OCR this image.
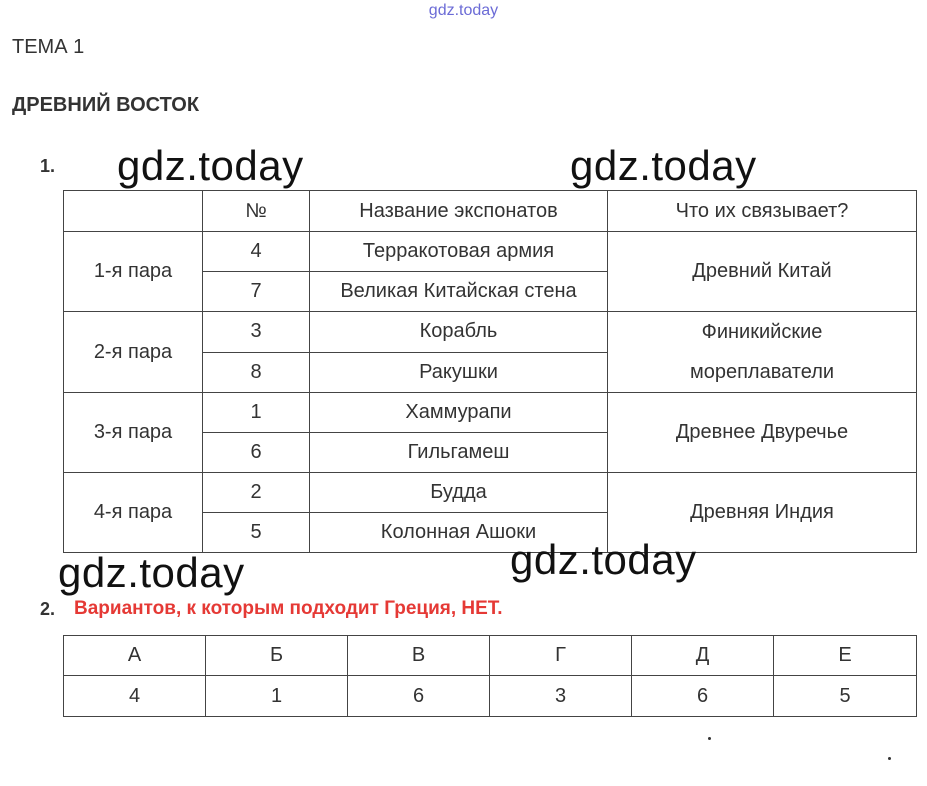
gdz.today
ТЕМА 1
ДРЕВНИЙ ВОСТОК
1. gdz.today	gdz.today
	№	Название экспонатов	Что их связывает?
1-я пара	4	Терракотовая армия	Древний Китай

	7	Великая Китайская стена	
2-я пара	3	Корабль	Финикийские
мореплаватели

	8	Ракушки	
3-я пара	1	Хаммурапи	Древнее Двуречье

	6	Гильгамеш	
4-я пара	2	Будда	Древняя Индия

	5	Колонная Ашоки	
gdz.today	gdz.today
2. Вариантов, к которым подходит Греция, НЕТ.
А	Б	В	Г	Д	Е
4	1	6	3	6	5
